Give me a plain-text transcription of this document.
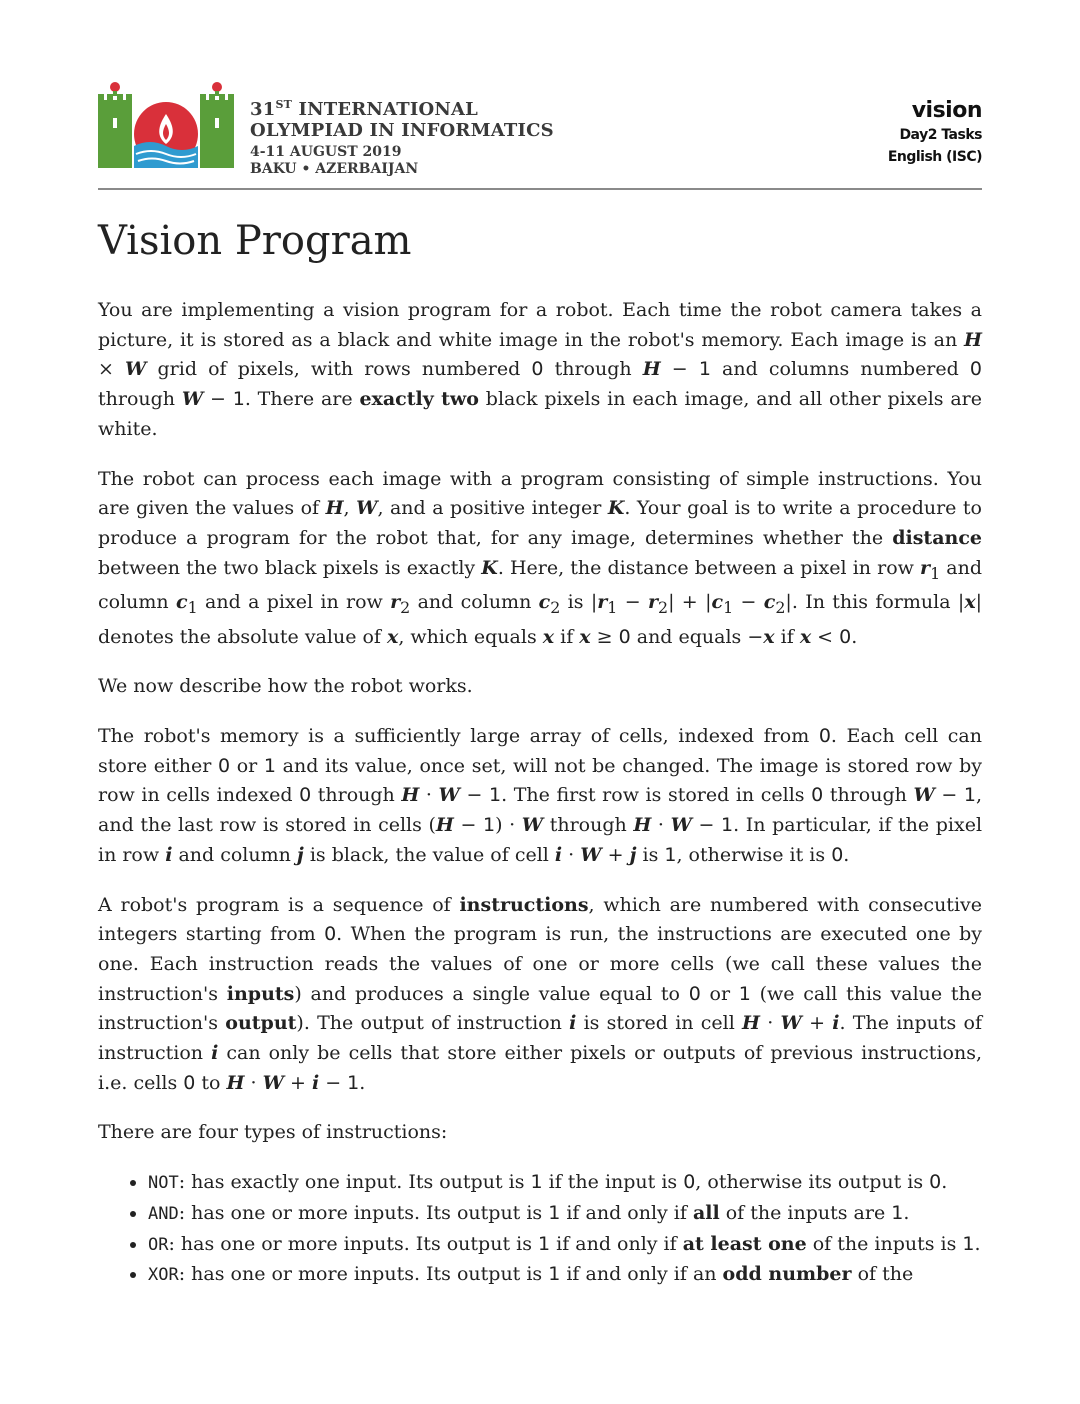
31ST INTERNATIONAL
OLYMPIAD IN INFORMATICS
4-11 AUGUST 2019
BAKU • AZERBAIJAN
vision
Day2 Tasks
English (ISC)
Vision Program

You are implementing a vision program for a robot. Each time the robot camera takes a picture, it is stored as a black and white image in the robot's memory. Each image is an H × W grid of pixels, with rows numbered 0 through H − 1 and columns numbered 0 through W − 1. There are exactly two black pixels in each image, and all other pixels are white.

The robot can process each image with a program consisting of simple instructions. You are given the values of H, W, and a positive integer K. Your goal is to write a procedure to produce a program for the robot that, for any image, determines whether the distance between the two black pixels is exactly K. Here, the distance between a pixel in row $r_1$ and column $c_1$ and a pixel in row $r_2$ and column $c_2$ is $|r_1 - r_2| + |c_1 - c_2|$. In this formula |x| denotes the absolute value of x, which equals x if x ≥ 0 and equals −x if x < 0.

We now describe how the robot works.

The robot's memory is a sufficiently large array of cells, indexed from 0. Each cell can store either 0 or 1 and its value, once set, will not be changed. The image is stored row by row in cells indexed 0 through H · W − 1. The first row is stored in cells 0 through W − 1, and the last row is stored in cells (H − 1) · W through H · W − 1. In particular, if the pixel in row i and column j is black, the value of cell i · W + j is 1, otherwise it is 0.

A robot's program is a sequence of instructions, which are numbered with consecutive integers starting from 0. When the program is run, the instructions are executed one by one. Each instruction reads the values of one or more cells (we call these values the instruction's inputs) and produces a single value equal to 0 or 1 (we call this value the instruction's output). The output of instruction i is stored in cell H · W + i. The inputs of instruction i can only be cells that store either pixels or outputs of previous instructions, i.e. cells 0 to H · W + i − 1.

There are four types of instructions:

• NOT: has exactly one input. Its output is 1 if the input is 0, otherwise its output is 0.
• AND: has one or more inputs. Its output is 1 if and only if all of the inputs are 1.
• OR: has one or more inputs. Its output is 1 if and only if at least one of the inputs is 1.
• XOR: has one or more inputs. Its output is 1 if and only if an odd number of the
